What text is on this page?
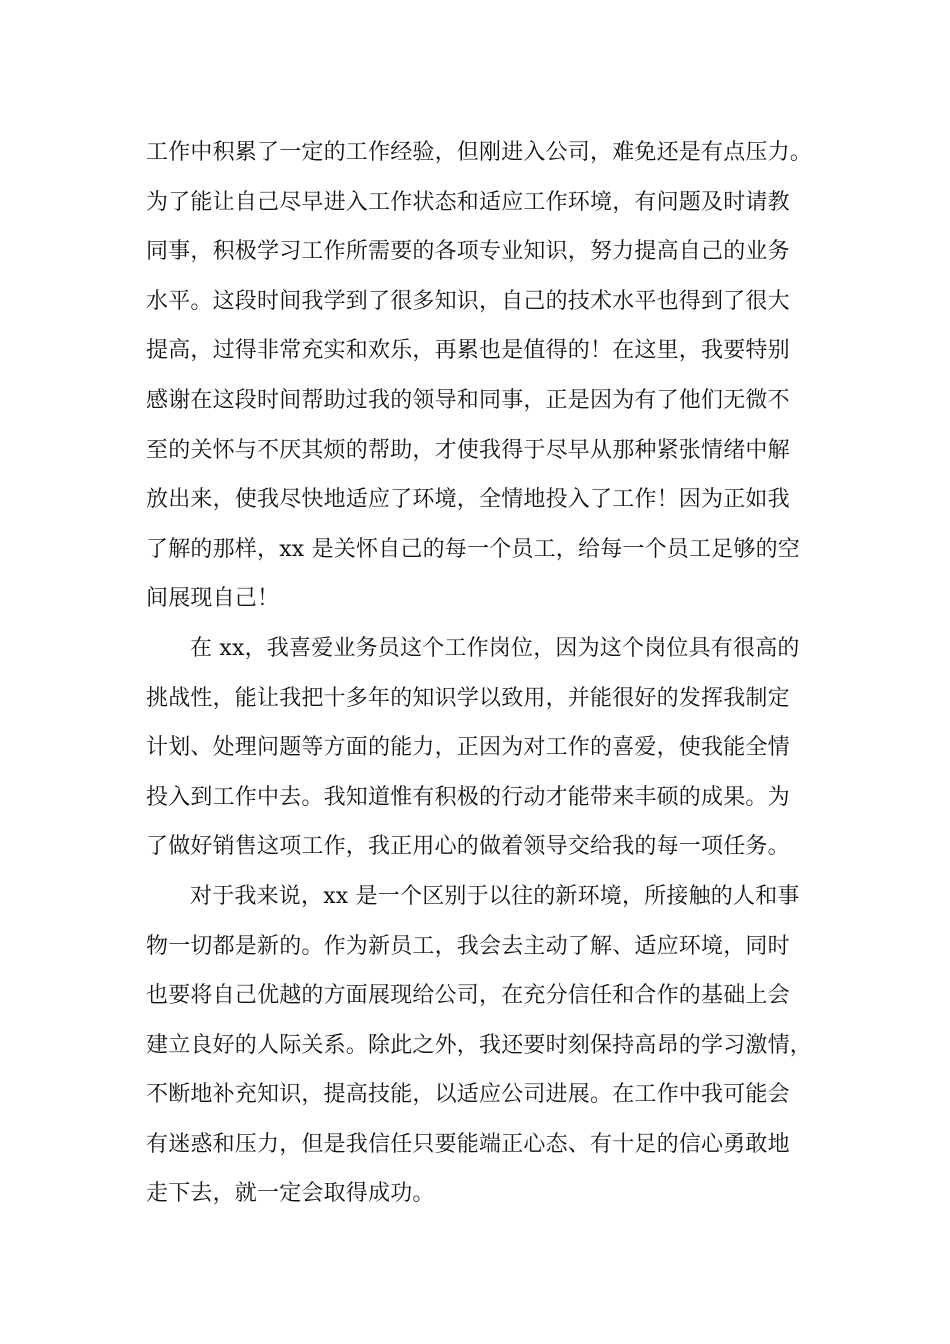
工作中积累了一定的工作经验，但刚进入公司，难免还是有点压力。
为了能让自己尽早进入工作状态和适应工作环境，有问题及时请教
同事，积极学习工作所需要的各项专业知识，努力提高自己的业务
水平。这段时间我学到了很多知识，自己的技术水平也得到了很大
提高，过得非常充实和欢乐，再累也是值得的！在这里，我要特别
感谢在这段时间帮助过我的领导和同事，正是因为有了他们无微不
至的关怀与不厌其烦的帮助，才使我得于尽早从那种紧张情绪中解
放出来，使我尽快地适应了环境，全情地投入了工作！因为正如我
了解的那样，xx 是关怀自己的每一个员工，给每一个员工足够的空
间展现自己！
在 xx，我喜爱业务员这个工作岗位，因为这个岗位具有很高的
挑战性，能让我把十多年的知识学以致用，并能很好的发挥我制定
计划、处理问题等方面的能力，正因为对工作的喜爱，使我能全情
投入到工作中去。我知道惟有积极的行动才能带来丰硕的成果。为
了做好销售这项工作，我正用心的做着领导交给我的每一项任务。
对于我来说，xx 是一个区别于以往的新环境，所接触的人和事
物一切都是新的。作为新员工，我会去主动了解、适应环境，同时
也要将自己优越的方面展现给公司，在充分信任和合作的基础上会
建立良好的人际关系。除此之外，我还要时刻保持高昂的学习激情，
不断地补充知识，提高技能，以适应公司进展。在工作中我可能会
有迷惑和压力，但是我信任只要能端正心态、有十足的信心勇敢地
走下去，就一定会取得成功。
